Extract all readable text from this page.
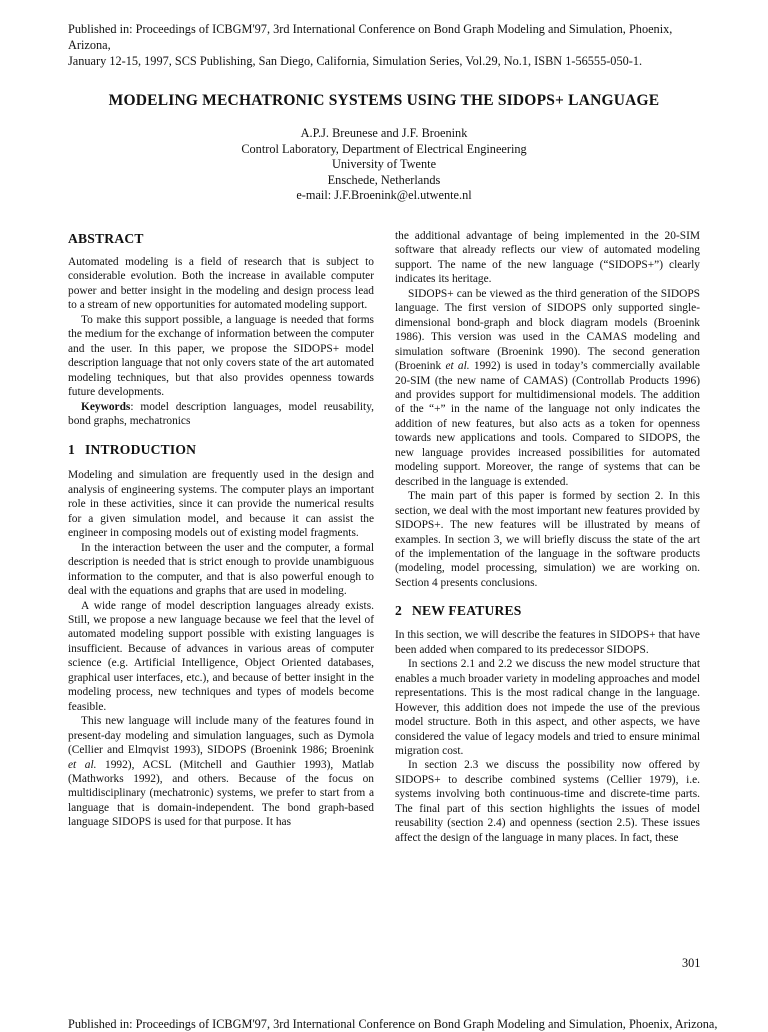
Published in: Proceedings of ICBGM'97, 3rd International Conference on Bond Graph Modeling and Simulation, Phoenix, Arizona,
January 12-15, 1997, SCS Publishing, San Diego, California, Simulation Series, Vol.29, No.1, ISBN 1-56555-050-1.
MODELING MECHATRONIC SYSTEMS USING THE SIDOPS+ LANGUAGE
A.P.J. Breunese and J.F. Broenink
Control Laboratory, Department of Electrical Engineering
University of Twente
Enschede, Netherlands
e-mail: J.F.Broenink@el.utwente.nl
ABSTRACT

Automated modeling is a field of research that is subject to considerable evolution. Both the increase in available computer power and better insight in the modeling and design process lead to a stream of new opportunities for automated modeling support.

To make this support possible, a language is needed that forms the medium for the exchange of information between the computer and the user. In this paper, we propose the SIDOPS+ model description language that not only covers state of the art automated modeling techniques, but that also provides openness towards future developments.

Keywords: model description languages, model reusability, bond graphs, mechatronics

1 INTRODUCTION

Modeling and simulation are frequently used in the design and analysis of engineering systems. The computer plays an important role in these activities, since it can provide the numerical results for a given simulation model, and because it can assist the engineer in composing models out of existing model fragments.

In the interaction between the user and the computer, a formal description is needed that is strict enough to provide unambiguous information to the computer, and that is also powerful enough to deal with the equations and graphs that are used in modeling.

A wide range of model description languages already exists. Still, we propose a new language because we feel that the level of automated modeling support possible with existing languages is insufficient. Because of advances in various areas of computer science (e.g. Artificial Intelligence, Object Oriented databases, graphical user interfaces, etc.), and because of better insight in the modeling process, new techniques and types of models become feasible.

This new language will include many of the features found in present-day modeling and simulation languages, such as Dymola (Cellier and Elmqvist 1993), SIDOPS (Broenink 1986; Broenink et al. 1992), ACSL (Mitchell and Gauthier 1993), Matlab (Mathworks 1992), and others. Because of the focus on multidisciplinary (mechatronic) systems, we prefer to start from a language that is domain-independent. The bond graph-based language SIDOPS is used for that purpose. It has

the additional advantage of being implemented in the 20-SIM software that already reflects our view of automated modeling support. The name of the new language (“SIDOPS+”) clearly indicates its heritage.

SIDOPS+ can be viewed as the third generation of the SIDOPS language. The first version of SIDOPS only supported single-dimensional bond-graph and block diagram models (Broenink 1986). This version was used in the CAMAS modeling and simulation software (Broenink 1990). The second generation (Broenink et al. 1992) is used in today’s commercially available 20-SIM (the new name of CAMAS) (Controllab Products 1996) and provides support for multidimensional models. The addition of the “+” in the name of the language not only indicates the addition of new features, but also acts as a token for openness towards new applications and tools. Compared to SIDOPS, the new language provides increased possibilities for automated modeling support. Moreover, the range of systems that can be described in the language is extended.

The main part of this paper is formed by section 2. In this section, we deal with the most important new features provided by SIDOPS+. The new features will be illustrated by means of examples. In section 3, we will briefly discuss the state of the art of the implementation of the language in the software products (modeling, model processing, simulation) we are working on. Section 4 presents conclusions.

2 NEW FEATURES

In this section, we will describe the features in SIDOPS+ that have been added when compared to its predecessor SIDOPS.

In sections 2.1 and 2.2 we discuss the new model structure that enables a much broader variety in modeling approaches and model representations. This is the most radical change in the language. However, this addition does not impede the use of the previous model structure. Both in this aspect, and other aspects, we have considered the value of legacy models and tried to ensure minimal migration cost.

In section 2.3 we discuss the possibility now offered by SIDOPS+ to describe combined systems (Cellier 1979), i.e. systems involving both continuous-time and discrete-time parts. The final part of this section highlights the issues of model reusability (section 2.4) and openness (section 2.5). These issues affect the design of the language in many places. In fact, these

301
Published in: Proceedings of ICBGM'97, 3rd International Conference on Bond Graph Modeling and Simulation, Phoenix, Arizona,
